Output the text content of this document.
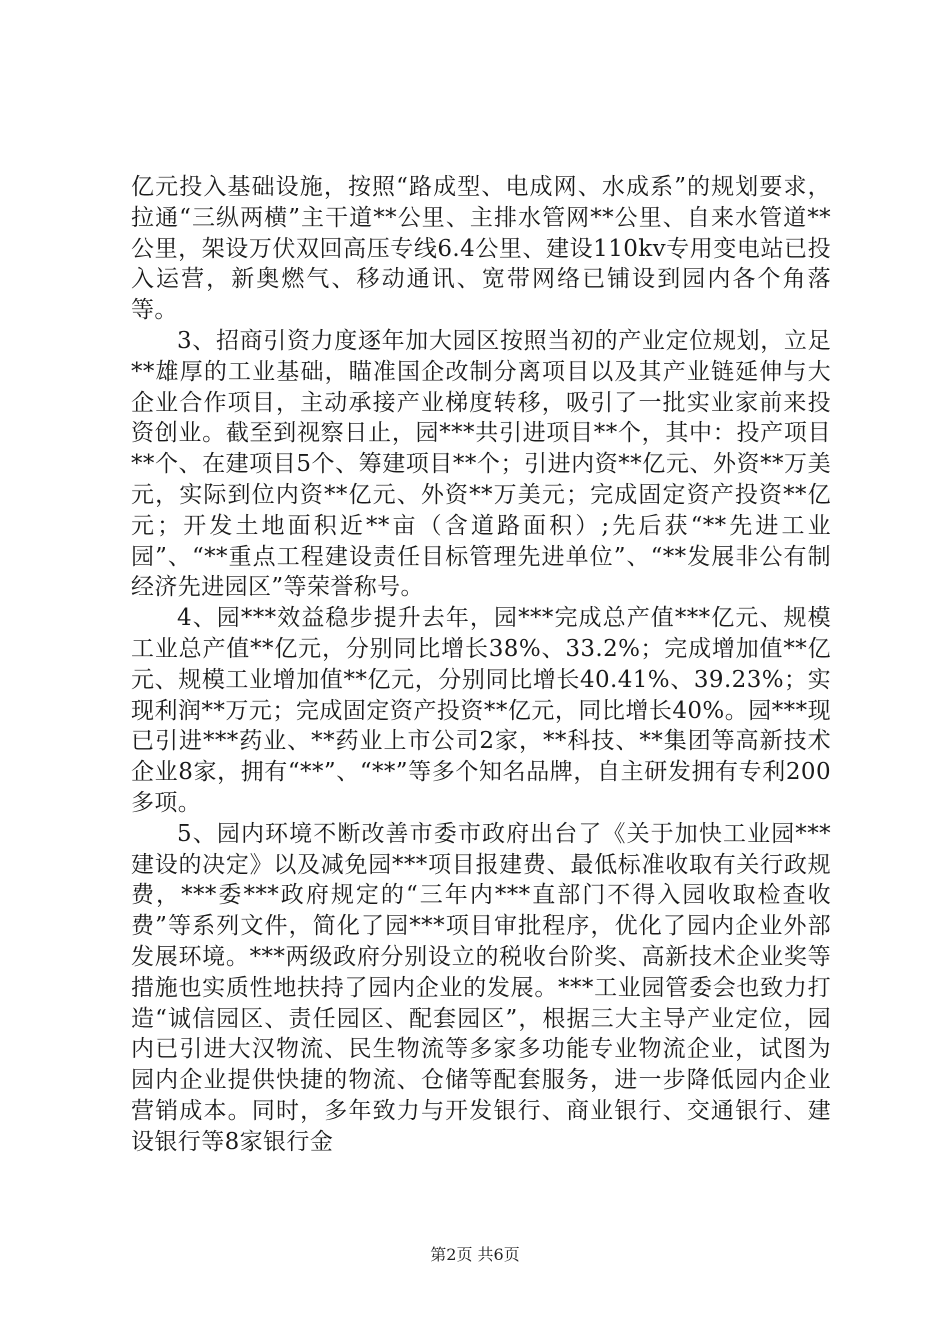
亿元投入基础设施，按照“路成型、电成网、水成系”的规划要求，拉通“三纵两横”主干道**公里、主排水管网**公里、自来水管道**公里，架设万伏双回高压专线6.4公里、建设110kv专用变电站已投入运营，新奥燃气、移动通讯、宽带网络已铺设到园内各个角落等。

3、招商引资力度逐年加大园区按照当初的产业定位规划，立足**雄厚的工业基础，瞄准国企改制分离项目以及其产业链延伸与大企业合作项目，主动承接产业梯度转移，吸引了一批实业家前来投资创业。截至到视察日止，园***共引进项目**个，其中：投产项目**个、在建项目5个、筹建项目**个；引进内资**亿元、外资**万美元，实际到位内资**亿元、外资**万美元；完成固定资产投资**亿元；开发土地面积近**亩（含道路面积）;先后获“**先进工业园”、“**重点工程建设责任目标管理先进单位”、“**发展非公有制经济先进园区”等荣誉称号。

4、园***效益稳步提升去年，园***完成总产值***亿元、规模工业总产值**亿元，分别同比增长38%、33.2%；完成增加值**亿元、规模工业增加值**亿元，分别同比增长40.41%、39.23%；实现利润**万元；完成固定资产投资**亿元，同比增长40%。园***现已引进***药业、**药业上市公司2家，**科技、**集团等高新技术企业8家，拥有“**”、“**”等多个知名品牌，自主研发拥有专利200多项。

5、园内环境不断改善市委市政府出台了《关于加快工业园***建设的决定》以及减免园***项目报建费、最低标准收取有关行政规费，***委***政府规定的“三年内***直部门不得入园收取检查收费”等系列文件，简化了园***项目审批程序，优化了园内企业外部发展环境。***两级政府分别设立的税收台阶奖、高新技术企业奖等措施也实质性地扶持了园内企业的发展。***工业园管委会也致力打造“诚信园区、责任园区、配套园区”，根据三大主导产业定位，园内已引进大汉物流、民生物流等多家多功能专业物流企业，试图为园内企业提供快捷的物流、仓储等配套服务，进一步降低园内企业营销成本。同时，多年致力与开发银行、商业银行、交通银行、建设银行等8家银行金

第2页 共6页
